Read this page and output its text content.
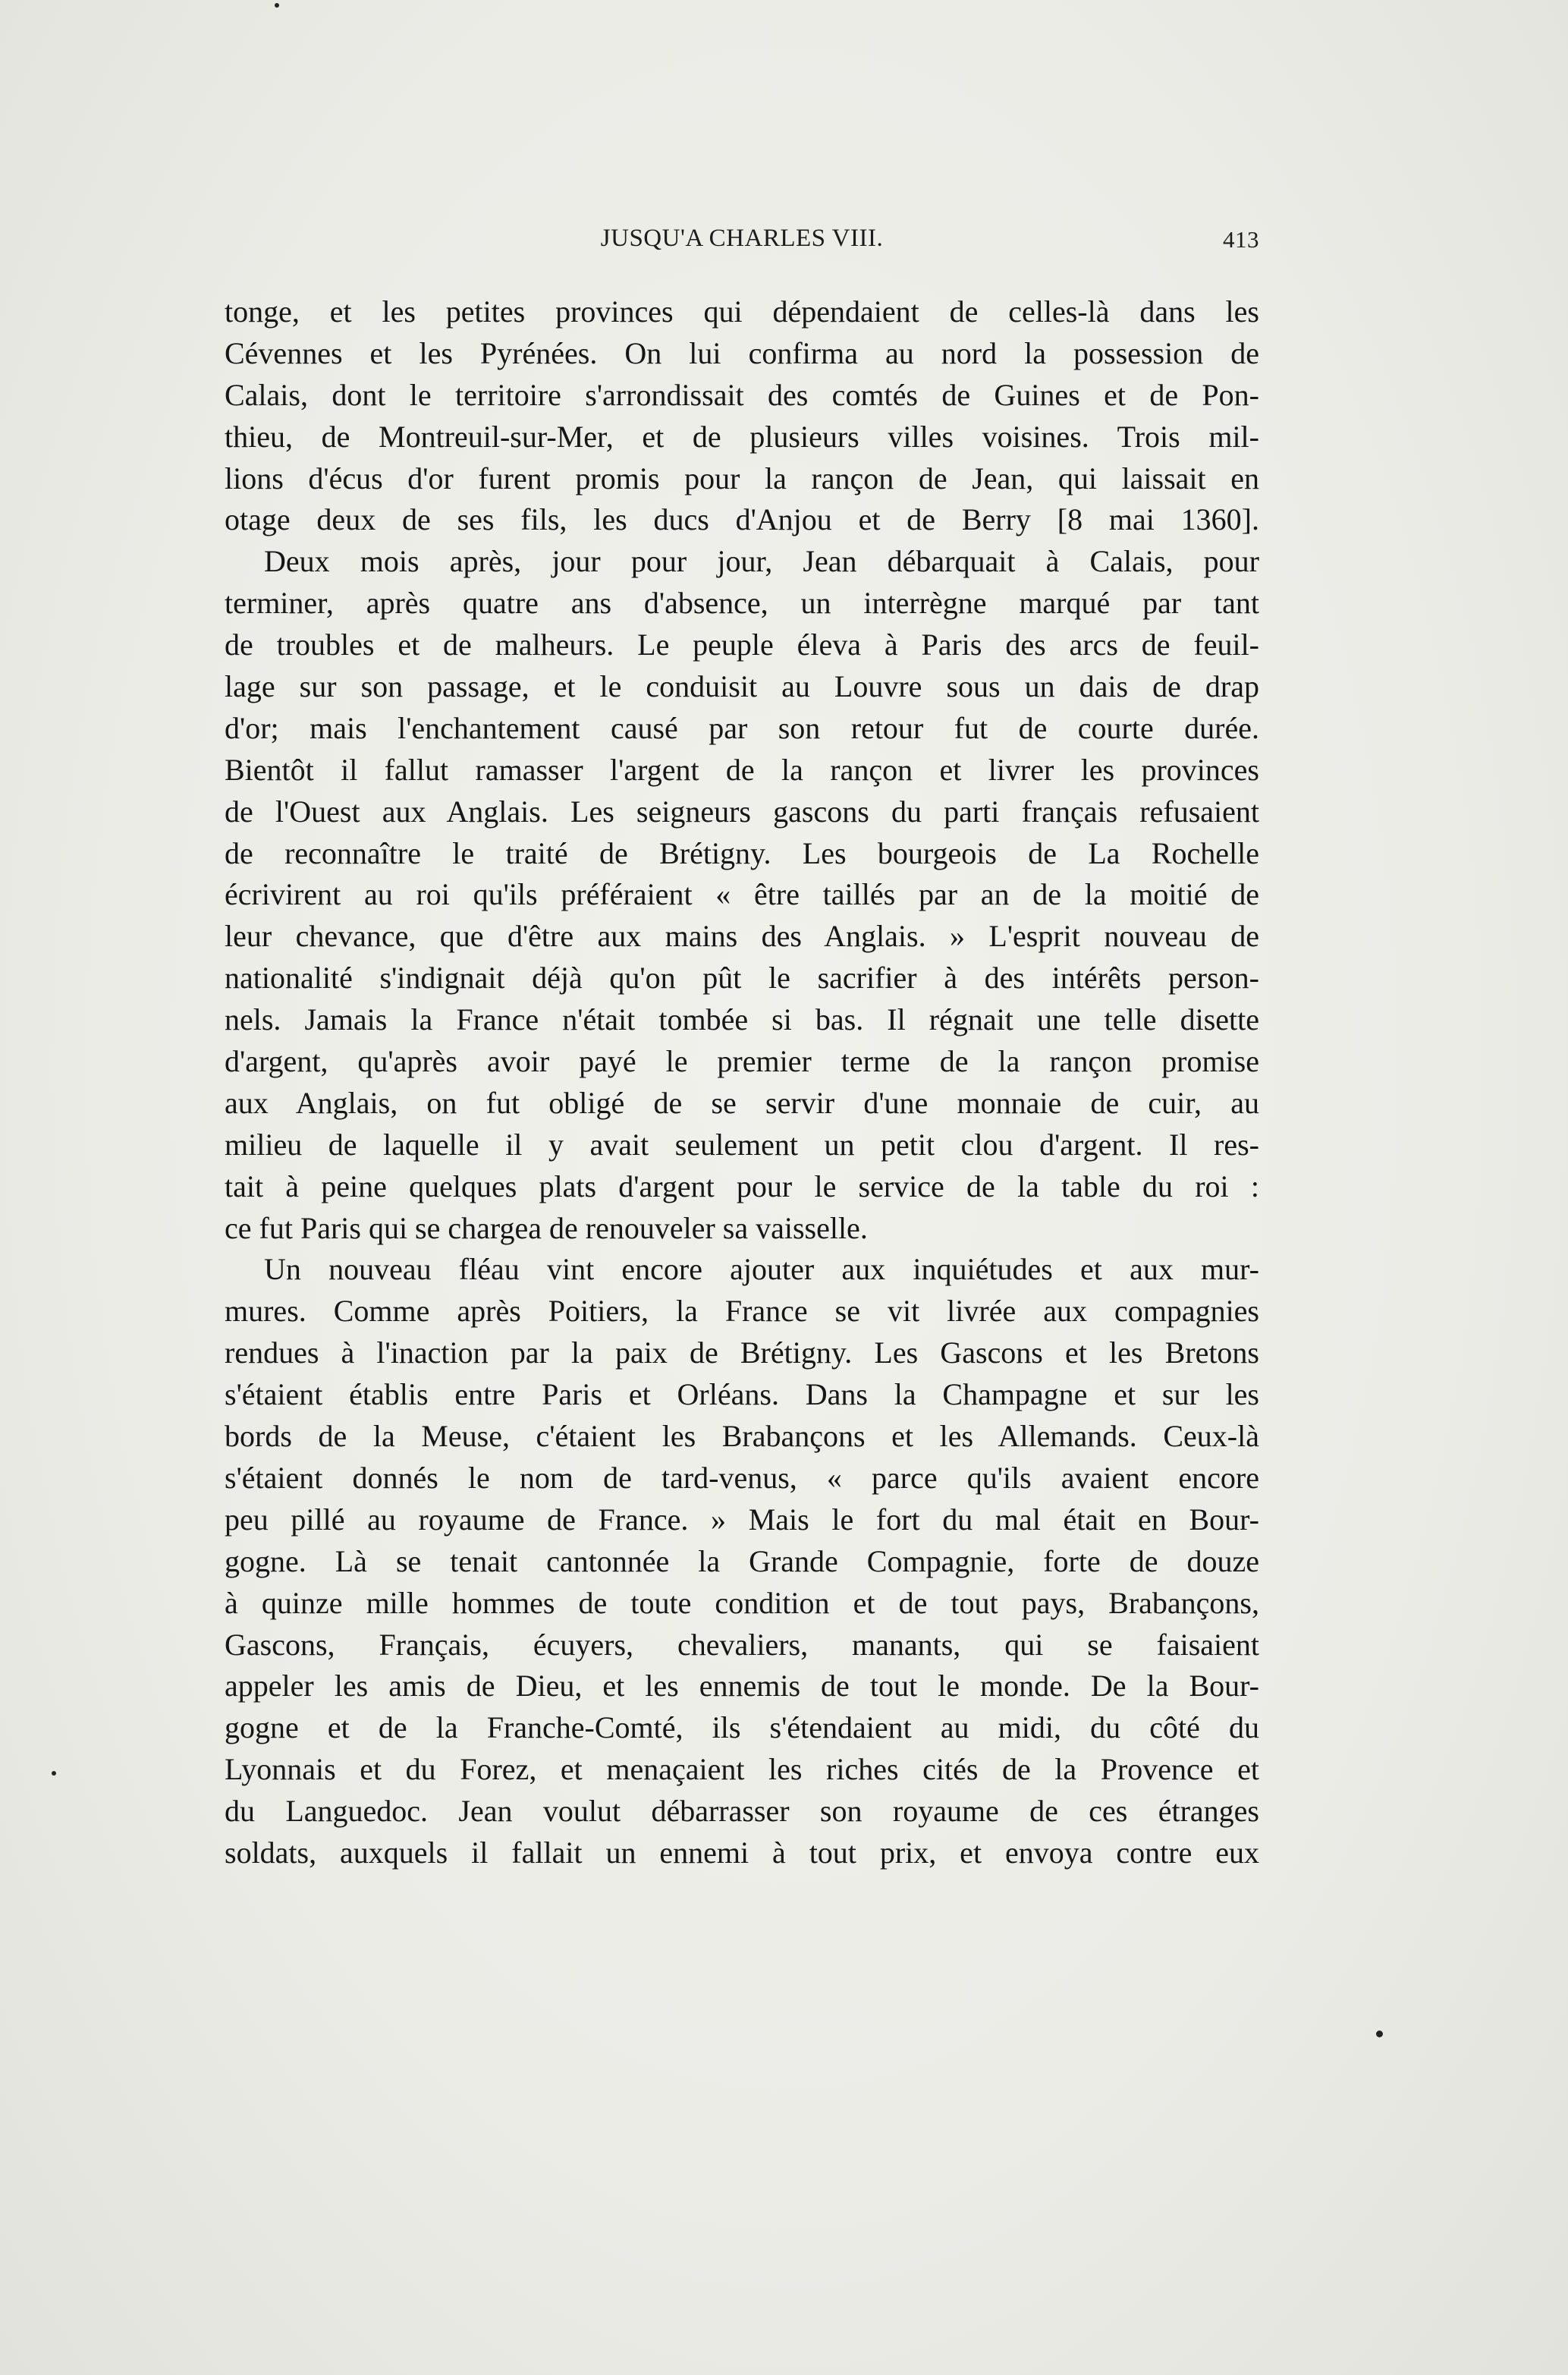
JUSQU'A CHARLES VIII.	413
tonge, et les petites provinces qui dépendaient de celles-là dans les
Cévennes et les Pyrénées. On lui confirma au nord la possession de
Calais, dont le territoire s'arrondissait des comtés de Guines et de Pon-
thieu, de Montreuil-sur-Mer, et de plusieurs villes voisines. Trois mil-
lions d'écus d'or furent promis pour la rançon de Jean, qui laissait en
otage deux de ses fils, les ducs d'Anjou et de Berry [8 mai 1360].
Deux mois après, jour pour jour, Jean débarquait à Calais, pour
terminer, après quatre ans d'absence, un interrègne marqué par tant
de troubles et de malheurs. Le peuple éleva à Paris des arcs de feuil-
lage sur son passage, et le conduisit au Louvre sous un dais de drap
d'or; mais l'enchantement causé par son retour fut de courte durée.
Bientôt il fallut ramasser l'argent de la rançon et livrer les provinces
de l'Ouest aux Anglais. Les seigneurs gascons du parti français refusaient
de reconnaître le traité de Brétigny. Les bourgeois de La Rochelle
écrivirent au roi qu'ils préféraient « être taillés par an de la moitié de
leur chevance, que d'être aux mains des Anglais. » L'esprit nouveau de
nationalité s'indignait déjà qu'on pût le sacrifier à des intérêts person-
nels. Jamais la France n'était tombée si bas. Il régnait une telle disette
d'argent, qu'après avoir payé le premier terme de la rançon promise
aux Anglais, on fut obligé de se servir d'une monnaie de cuir, au
milieu de laquelle il y avait seulement un petit clou d'argent. Il res-
tait à peine quelques plats d'argent pour le service de la table du roi :
ce fut Paris qui se chargea de renouveler sa vaisselle.
Un nouveau fléau vint encore ajouter aux inquiétudes et aux mur-
mures. Comme après Poitiers, la France se vit livrée aux compagnies
rendues à l'inaction par la paix de Brétigny. Les Gascons et les Bretons
s'étaient établis entre Paris et Orléans. Dans la Champagne et sur les
bords de la Meuse, c'étaient les Brabançons et les Allemands. Ceux-là
s'étaient donnés le nom de tard-venus, « parce qu'ils avaient encore
peu pillé au royaume de France. » Mais le fort du mal était en Bour-
gogne. Là se tenait cantonnée la Grande Compagnie, forte de douze
à quinze mille hommes de toute condition et de tout pays, Brabançons,
Gascons, Français, écuyers, chevaliers, manants, qui se faisaient
appeler les amis de Dieu, et les ennemis de tout le monde. De la Bour-
gogne et de la Franche-Comté, ils s'étendaient au midi, du côté du
Lyonnais et du Forez, et menaçaient les riches cités de la Provence et
du Languedoc. Jean voulut débarrasser son royaume de ces étranges
soldats, auxquels il fallait un ennemi à tout prix, et envoya contre eux
